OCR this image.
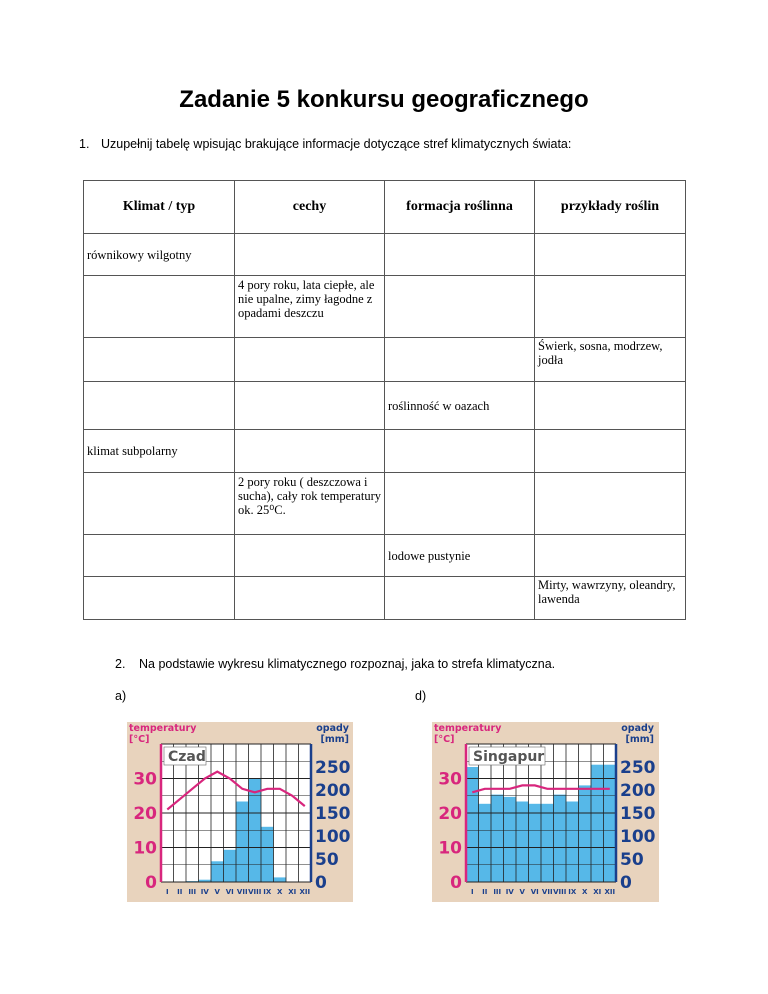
Zadanie 5 konkursu geograficznego
1. Uzupełnij tabelę wpisując brakujące informacje dotyczące stref klimatycznych świata:
Klimat / typ	cechy	formacja roślinna	przykłady roślin
równikowy wilgotny			
	4 pory roku, lata ciepłe, ale nie upalne, zimy łagodne z opadami deszczu		
			Świerk, sosna, modrzew, jodła
		roślinność w oazach	
klimat subpolarny			
	2 pory roku ( deszczowa i sucha), cały rok temperatury ok. 25⁰C.		
		lodowe pustynie	
			Mirty, wawrzyny, oleandry, lawenda
2. Na podstawie wykresu klimatycznego rozpoznaj, jaka to strefa klimatyczna.
a)	d)
Czad
temperatury
[°C]
opady
[mm]
0
10
20
30
0
50
100
150
200
250
I II III IV V VI VII VIII IX X XI XII
Singapur
temperatury
[°C]
opady
[mm]
0
10
20
30
0
50
100
150
200
250
I II III IV V VI VII VIII IX X XI XII
